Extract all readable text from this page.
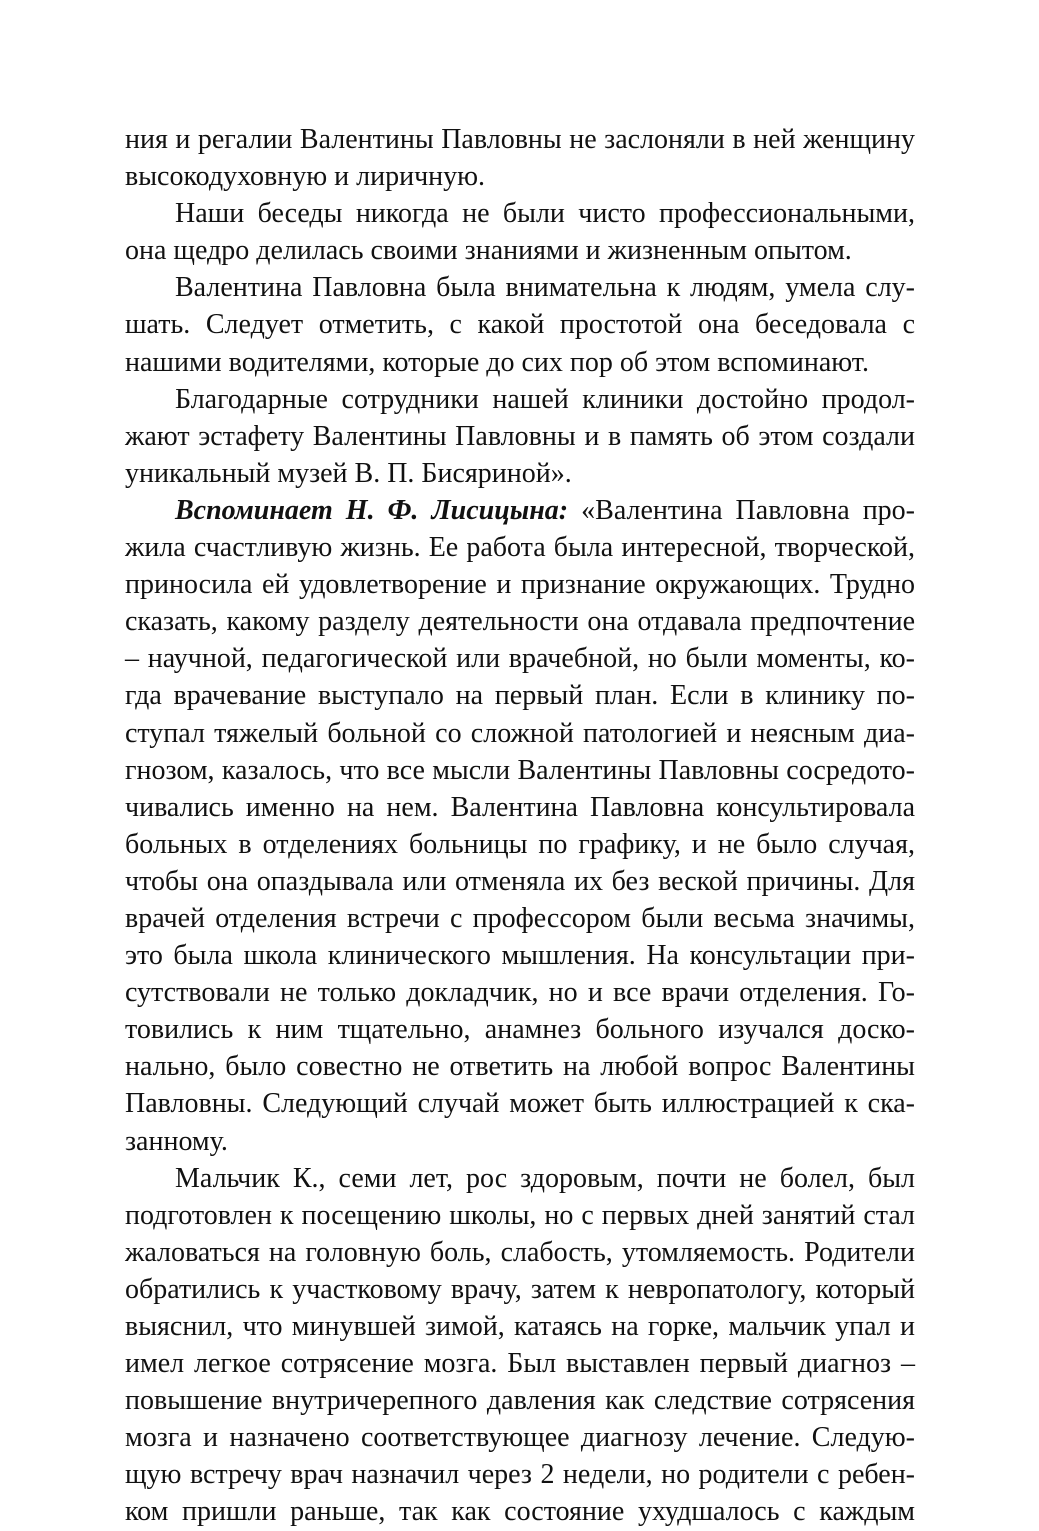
ния и регалии Валентины Павловны не заслоняли в ней женщину высокодуховную и лиричную.

Наши беседы никогда не были чисто профессиональными, она щедро делилась своими знаниями и жизненным опытом.

Валентина Павловна была внимательна к людям, умела слу-шать. Следует отметить, с какой простотой она беседовала с нашими водителями, которые до сих пор об этом вспоминают.

Благодарные сотрудники нашей клиники достойно продол-жают эстафету Валентины Павловны и в память об этом создали уникальный музей В. П. Бисяриной».

Вспоминает Н. Ф. Лисицына: «Валентина Павловна про-жила счастливую жизнь. Ее работа была интересной, творческой, приносила ей удовлетворение и признание окружающих. Трудно сказать, какому разделу деятельности она отдавала предпочтение – научной, педагогической или врачебной, но были моменты, ко-гда врачевание выступало на первый план. Если в клинику по-ступал тяжелый больной со сложной патологией и неясным диа-гнозом, казалось, что все мысли Валентины Павловны сосредото-чивались именно на нем. Валентина Павловна консультировала больных в отделениях больницы по графику, и не было случая, чтобы она опаздывала или отменяла их без веской причины. Для врачей отделения встречи с профессором были весьма значимы, это была школа клинического мышления. На консультации при-сутствовали не только докладчик, но и все врачи отделения. Го-товились к ним тщательно, анамнез больного изучался доско-нально, было совестно не ответить на любой вопрос Валентины Павловны. Следующий случай может быть иллюстрацией к ска-занному.

Мальчик К., семи лет, рос здоровым, почти не болел, был подготовлен к посещению школы, но с первых дней занятий стал жаловаться на головную боль, слабость, утомляемость. Родители обратились к участковому врачу, затем к невропатологу, который выяснил, что минувшей зимой, катаясь на горке, мальчик упал и имел легкое сотрясение мозга. Был выставлен первый диагноз – повышение внутричерепного давления как следствие сотрясения мозга и назначено соответствующее диагнозу лечение. Следую-щую встречу врач назначил через 2 недели, но родители с ребен-ком пришли раньше, так как состояние ухудшалось с каждым
